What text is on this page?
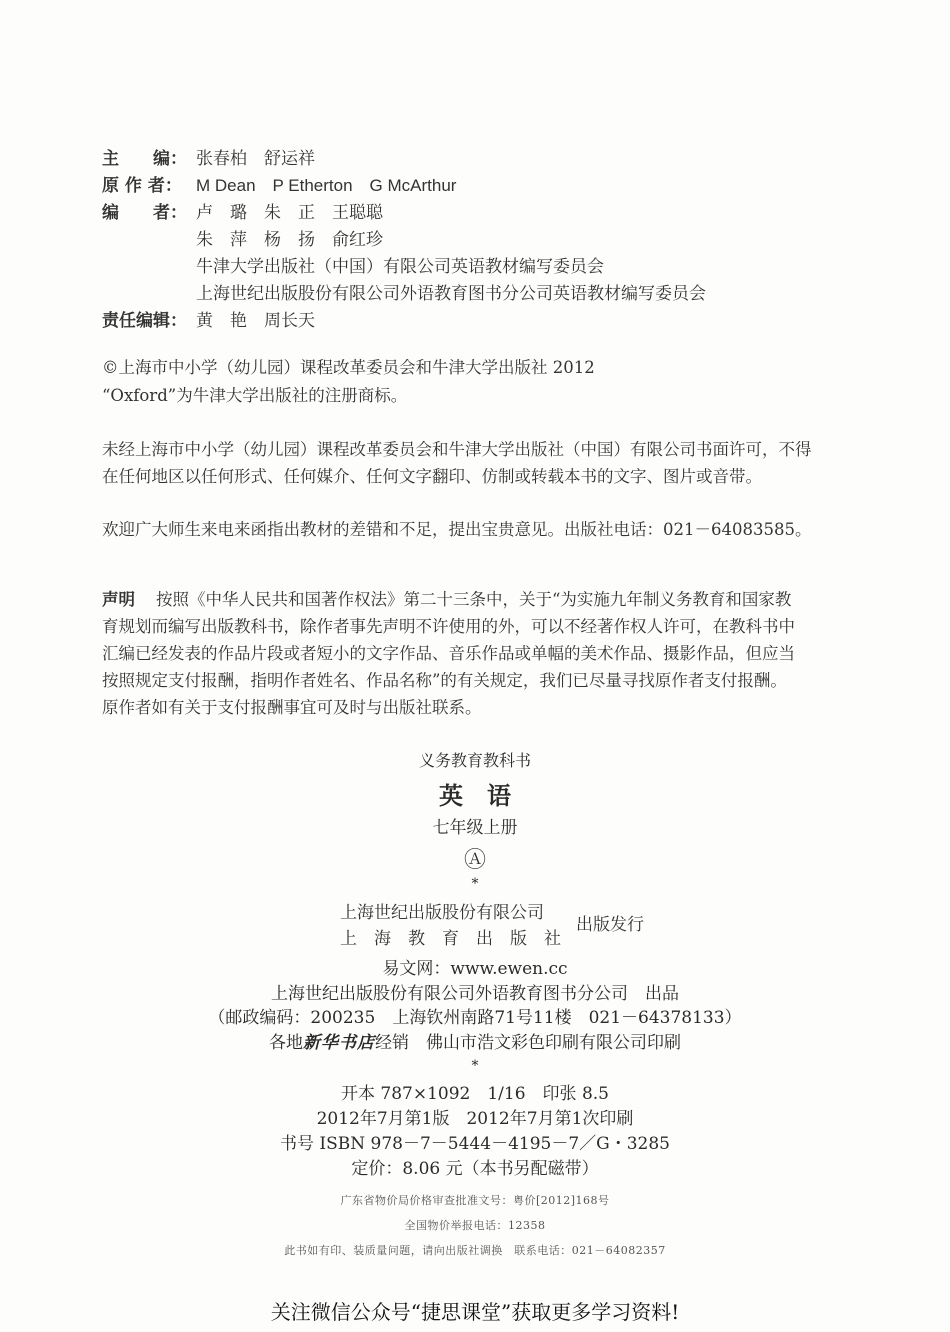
主　　编： 张春柏　舒运祥
原 作 者： M Dean　P Etherton　G McArthur
编　　者： 卢　璐　朱　正　王聪聪
朱　萍　杨　扬　俞红珍
牛津大学出版社（中国）有限公司英语教材编写委员会
上海世纪出版股份有限公司外语教育图书分公司英语教材编写委员会
责任编辑： 黄　艳　周长天
©上海市中小学（幼儿园）课程改革委员会和牛津大学出版社 2012
“Oxford”为牛津大学出版社的注册商标。
未经上海市中小学（幼儿园）课程改革委员会和牛津大学出版社（中国）有限公司书面许可，不得
在任何地区以任何形式、任何媒介、任何文字翻印、仿制或转载本书的文字、图片或音带。
欢迎广大师生来电来函指出教材的差错和不足，提出宝贵意见。出版社电话：021－64083585。
声明 按照《中华人民共和国著作权法》第二十三条中，关于“为实施九年制义务教育和国家教
育规划而编写出版教科书，除作者事先声明不许使用的外，可以不经著作权人许可，在教科书中
汇编已经发表的作品片段或者短小的文字作品、音乐作品或单幅的美术作品、摄影作品，但应当
按照规定支付报酬，指明作者姓名、作品名称”的有关规定，我们已尽量寻找原作者支付报酬。
原作者如有关于支付报酬事宜可及时与出版社联系。
义务教育教科书
英　语
七年级上册
Ⓐ
*
上海世纪出版股份有限公司
上　海　教　育　出　版　社
出版发行
易文网：www.ewen.cc
上海世纪出版股份有限公司外语教育图书分公司　出品
（邮政编码：200235　上海钦州南路71号11楼　021－64378133）
各地新华书店经销　佛山市浩文彩色印刷有限公司印刷
*
开本 787×1092　1/16　印张 8.5
2012年7月第1版　2012年7月第1次印刷
书号 ISBN 978－7－5444－4195－7／G・3285
定价：8.06 元（本书另配磁带）
广东省物价局价格审查批准文号：粤价[2012]168号
全国物价举报电话：12358
此书如有印、装质量问题，请向出版社调换　联系电话：021－64082357
关注微信公众号“捷思课堂”获取更多学习资料!
